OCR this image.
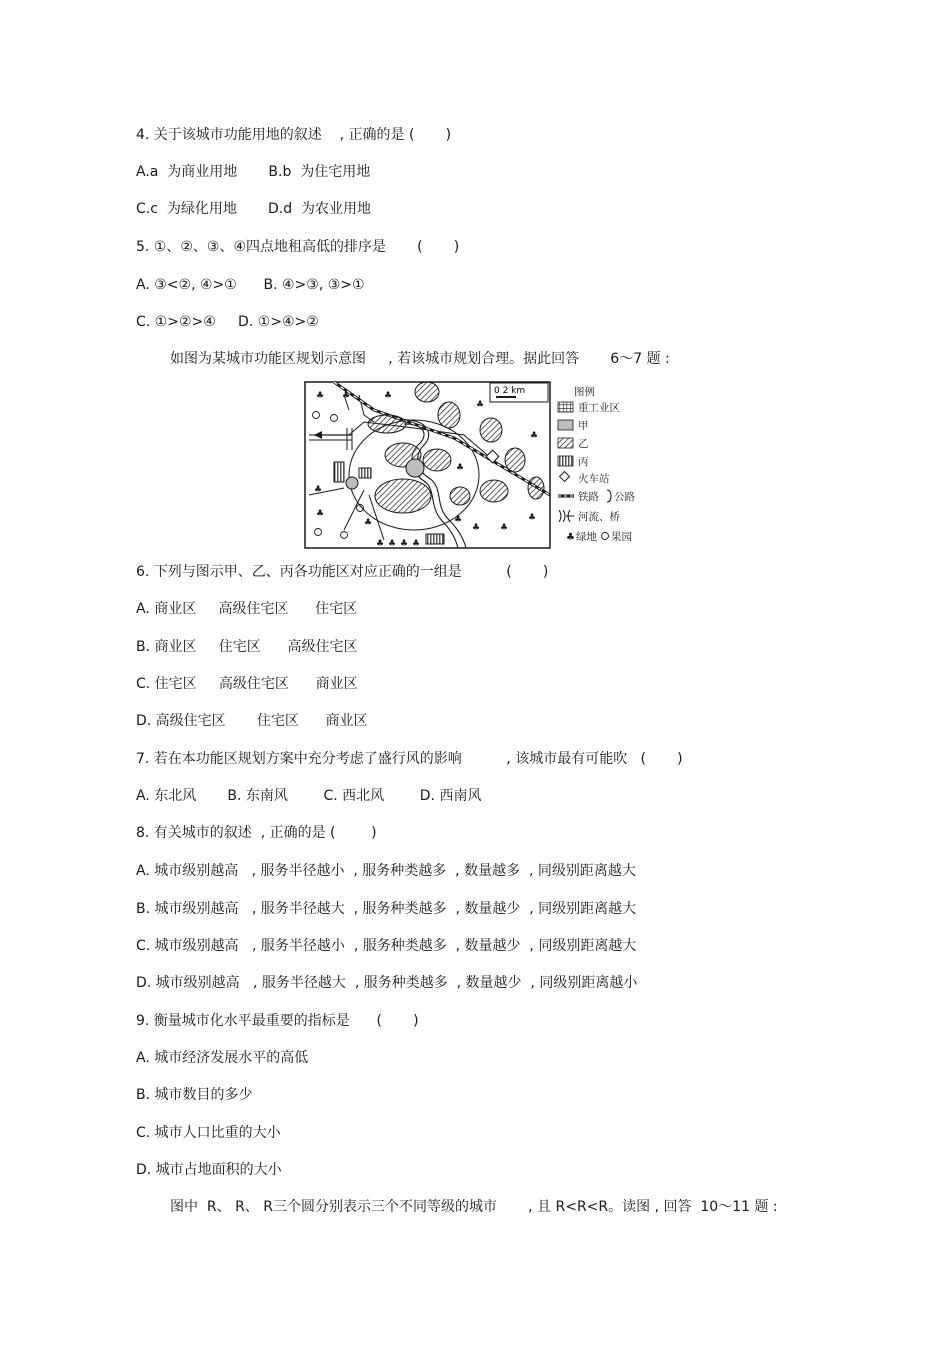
4. 关于该城市功能用地的叙述    , 正确的是 (       )
A.a  为商业用地       B.b  为住宅用地
C.c  为绿化用地       D.d  为农业用地
5. ①、②、③、④四点地租高低的排序是       (       )
A. ③<②, ④>①      B. ④>③, ③>①
C. ①>②>④     D. ①>④>②
如图为某城市功能区规划示意图     , 若该城市规划合理。据此回答       6～7 题 :
0 2 km
♣ ♣	♣
♣
♣
♣
♣
♣
♣
♣ ♣ ♣ ♣
♣
♣
♣
♣
图例
重工业区
甲
乙
丙
火车站
铁路 公路
河流、桥
♣ 绿地 果园
6. 下列与图示甲、乙、丙各功能区对应正确的一组是          (       )
A. 商业区     高级住宅区      住宅区
B. 商业区     住宅区      高级住宅区
C. 住宅区     高级住宅区      商业区
D. 高级住宅区       住宅区      商业区
7. 若在本功能区规划方案中充分考虑了盛行风的影响          , 该城市最有可能吹   (       )
A. 东北风       B. 东南风        C. 西北风        D. 西南风
8. 有关城市的叙述  , 正确的是 (        )
A. 城市级别越高   , 服务半径越小  , 服务种类越多  , 数量越多  , 同级别距离越大
B. 城市级别越高   , 服务半径越大  , 服务种类越多  , 数量越少  , 同级别距离越大
C. 城市级别越高   , 服务半径越小  , 服务种类越多  , 数量越少  , 同级别距离越大
D. 城市级别越高   , 服务半径越大  , 服务种类越多  , 数量越少  , 同级别距离越小
9. 衡量城市化水平最重要的指标是      (       )
A. 城市经济发展水平的高低
B. 城市数目的多少
C. 城市人口比重的大小
D. 城市占地面积的大小
图中  R、 R、 R三个圆分别表示三个不同等级的城市       , 且 R<R<R。读图 , 回答  10～11 题 :
